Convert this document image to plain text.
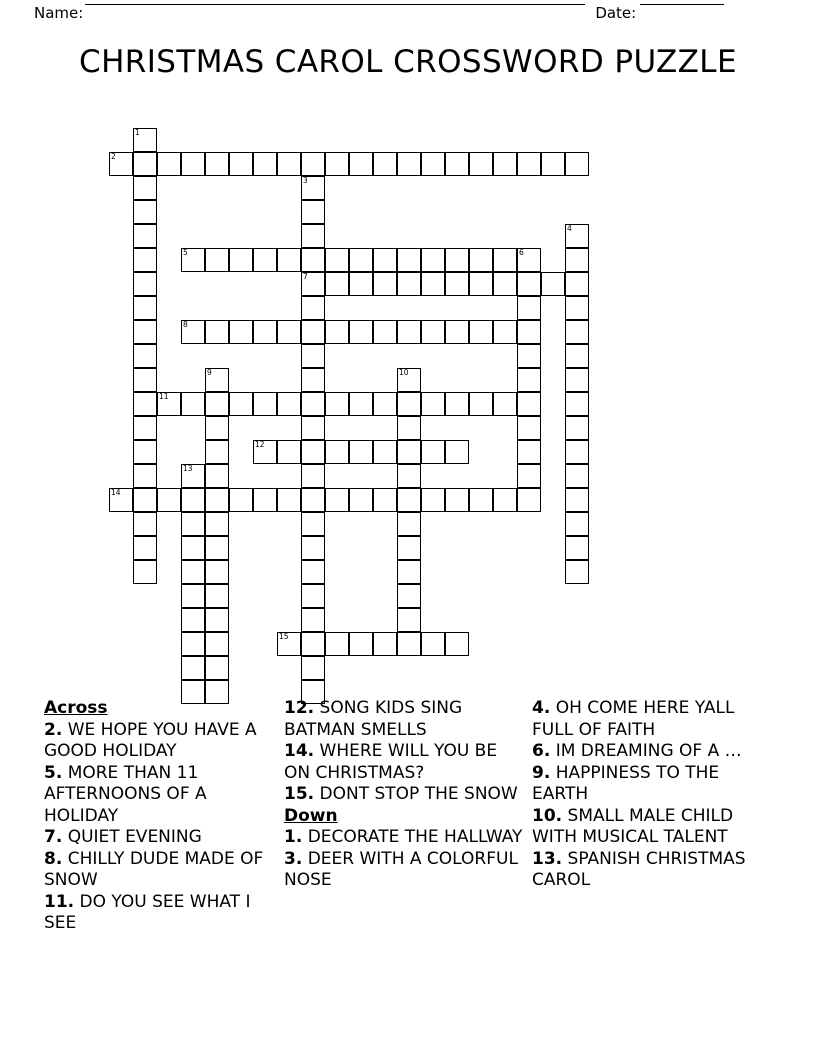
Name:	Date:
CHRISTMAS CAROL CROSSWORD PUZZLE
1
2
3
7
4
5	6
8
9	10
11
12
13
14
15
Across

2. WE HOPE YOU HAVE A GOOD HOLIDAY

5. MORE THAN 11 AFTERNOONS OF A HOLIDAY

7. QUIET EVENING

8. CHILLY DUDE MADE OF SNOW

11. DO YOU SEE WHAT I SEE

12. SONG KIDS SING BATMAN SMELLS

14. WHERE WILL YOU BE ON CHRISTMAS?

15. DONT STOP THE SNOW

Down

1. DECORATE THE HALLWAY

3. DEER WITH A COLORFUL NOSE

4. OH COME HERE YALL FULL OF FAITH

6. IM DREAMING OF A …

9. HAPPINESS TO THE EARTH

10. SMALL MALE CHILD WITH MUSICAL TALENT

13. SPANISH CHRISTMAS CAROL
